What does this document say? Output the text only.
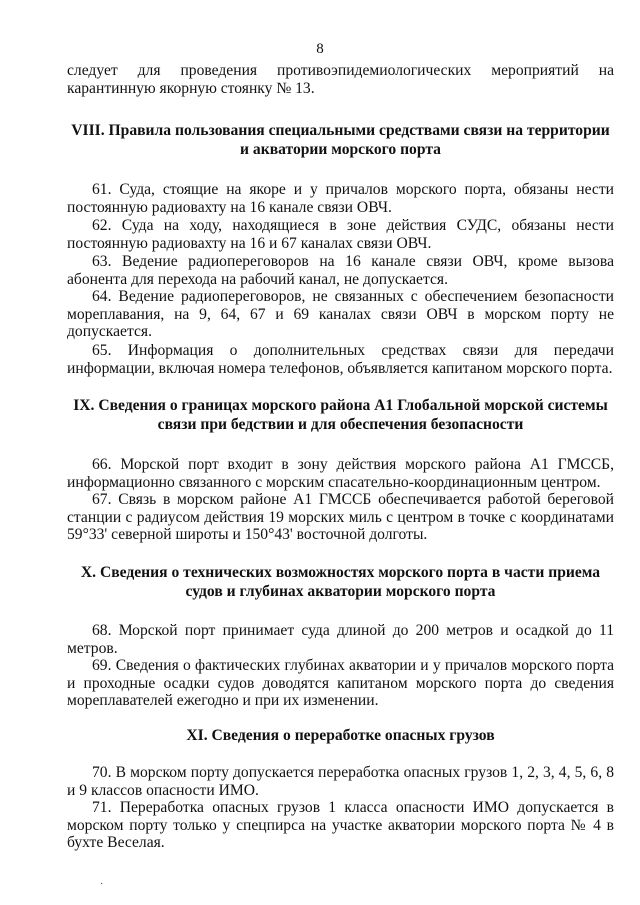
8
следует для проведения противоэпидемиологических мероприятий на карантинную якорную стоянку № 13.
VIII. Правила пользования специальными средствами связи на территории и акватории морского порта
61. Суда, стоящие на якоре и у причалов морского порта, обязаны нести постоянную радиовахту на 16 канале связи ОВЧ.
62. Суда на ходу, находящиеся в зоне действия СУДС, обязаны нести постоянную радиовахту на 16 и 67 каналах связи ОВЧ.
63. Ведение радиопереговоров на 16 канале связи ОВЧ, кроме вызова абонента для перехода на рабочий канал, не допускается.
64. Ведение радиопереговоров, не связанных с обеспечением безопасности мореплавания, на 9, 64, 67 и 69 каналах связи ОВЧ в морском порту не допускается.
65. Информация о дополнительных средствах связи для передачи информации, включая номера телефонов, объявляется капитаном морского порта.
IX. Сведения о границах морского района А1 Глобальной морской системы связи при бедствии и для обеспечения безопасности
66. Морской порт входит в зону действия морского района А1 ГМССБ, информационно связанного с морским спасательно-координационным центром.
67. Связь в морском районе А1 ГМССБ обеспечивается работой береговой станции с радиусом действия 19 морских миль с центром в точке с координатами 59°33' северной широты и 150°43' восточной долготы.
X. Сведения о технических возможностях морского порта в части приема судов и глубинах акватории морского порта
68. Морской порт принимает суда длиной до 200 метров и осадкой до 11 метров.
69. Сведения о фактических глубинах акватории и у причалов морского порта и проходные осадки судов доводятся капитаном морского порта до сведения мореплавателей ежегодно и при их изменении.
XI. Сведения о переработке опасных грузов
70. В морском порту допускается переработка опасных грузов 1, 2, 3, 4, 5, 6, 8 и 9 классов опасности ИМО.
71. Переработка опасных грузов 1 класса опасности ИМО допускается в морском порту только у спецпирса на участке акватории морского порта № 4 в бухте Веселая.
·
